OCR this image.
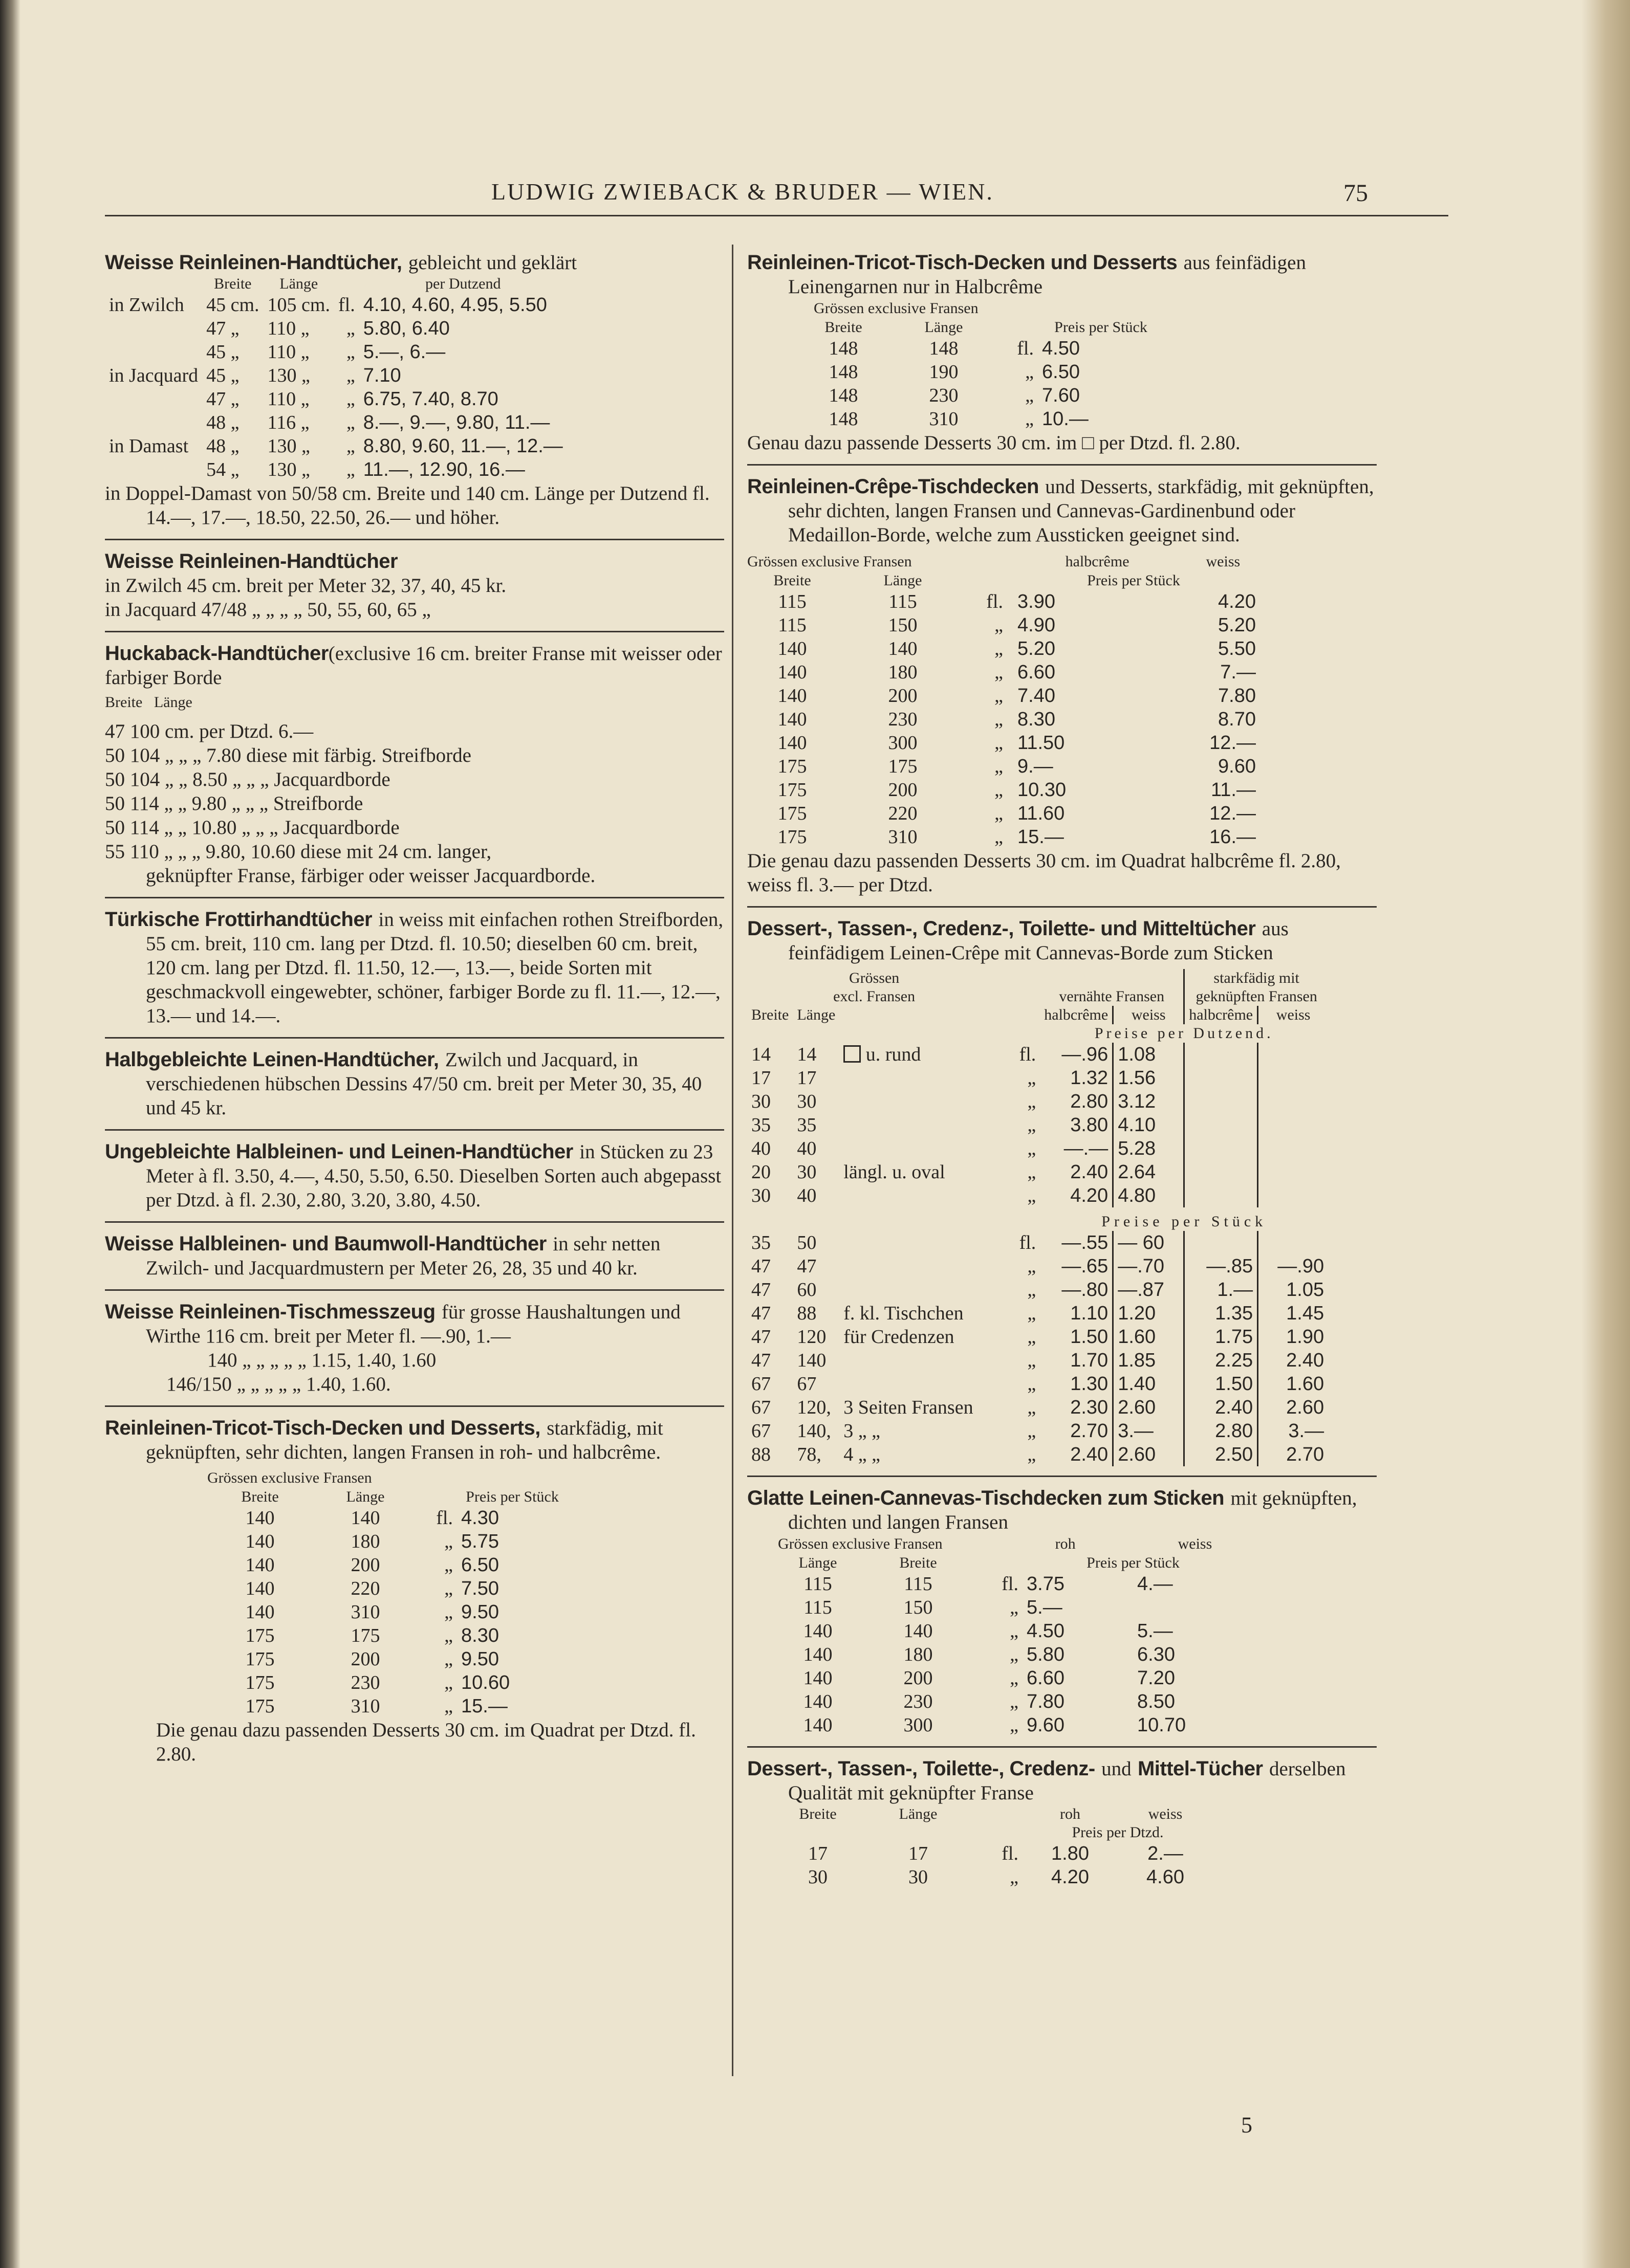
LUDWIG ZWIEBACK & BRUDER — WIEN.	75
Weisse Reinleinen-Handtücher, gebleicht und geklärt
	Breite	Länge		per Dutzend
in Zwilch	45 cm.	105 cm.	fl.	4.10, 4.60, 4.95, 5.50
	47 „	110 „	„	5.80, 6.40
	45 „	110 „	„	5.—, 6.—
in Jacquard	45 „	130 „	„	7.10
	47 „	110 „	„	6.75, 7.40, 8.70
	48 „	116 „	„	8.—, 9.—, 9.80, 11.—
in Damast	48 „	130 „	„	8.80, 9.60, 11.—, 12.—
	54 „	130 „	„	11.—, 12.90, 16.—
in Doppel-Damast von 50/58 cm. Breite und 140 cm. Länge per Dutzend fl. 14.—, 17.—, 18.50, 22.50, 26.— und höher.
Weisse Reinleinen-Handtücher
in Zwilch 45 cm. breit per Meter 32, 37, 40, 45 kr.
in Jacquard 47/48 „ „ „ „ 50, 55, 60, 65 „
Huckaback-Handtücher(exclusive 16 cm. breiter Franse mit weisser oder farbiger Borde
Breite Länge
47 100 cm. per Dtzd. 6.—
50 104 „ „ „ 7.80 diese mit färbig. Streifborde
50 104 „ „ 8.50 „ „ „ Jacquardborde
50 114 „ „ 9.80 „ „ „ Streifborde
50 114 „ „ 10.80 „ „ „ Jacquardborde
55 110 „ „ „ 9.80, 10.60 diese mit 24 cm. langer,
geknüpfter Franse, färbiger oder weisser Jacquardborde.
Türkische Frottirhandtücher in weiss mit einfachen rothen Streifborden, 55 cm. breit, 110 cm. lang per Dtzd. fl. 10.50; dieselben 60 cm. breit, 120 cm. lang per Dtzd. fl. 11.50, 12.—, 13.—, beide Sorten mit geschmackvoll eingewebter, schöner, farbiger Borde zu fl. 11.—, 12.—, 13.— und 14.—.
Halbgebleichte Leinen-Handtücher, Zwilch und Jacquard, in verschiedenen hübschen Dessins 47/50 cm. breit per Meter 30, 35, 40 und 45 kr.
Ungebleichte Halbleinen- und Leinen-Handtücher in Stücken zu 23 Meter à fl. 3.50, 4.—, 4.50, 5.50, 6.50. Dieselben Sorten auch abgepasst per Dtzd. à fl. 2.30, 2.80, 3.20, 3.80, 4.50.
Weisse Halbleinen- und Baumwoll-Handtücher in sehr netten Zwilch- und Jacquardmustern per Meter 26, 28, 35 und 40 kr.
Weisse Reinleinen-Tischmesszeug für grosse Haushaltungen und Wirthe 116 cm. breit per Meter fl. —.90, 1.—
140 „ „ „ „ „ 1.15, 1.40, 1.60
146/150 „ „ „ „ „ 1.40, 1.60.
Reinleinen-Tricot-Tisch-Decken und Desserts, starkfädig, mit geknüpften, sehr dichten, langen Fransen in roh- und halbcrême.
Grössen exclusive Fransen
Breite	Länge		Preis per Stück
140	140	fl.	4.30
140	180	„	5.75
140	200	„	6.50
140	220	„	7.50
140	310	„	9.50
175	175	„	8.30
175	200	„	9.50
175	230	„	10.60
175	310	„	15.—
Die genau dazu passenden Desserts 30 cm. im Quadrat per Dtzd. fl. 2.80.
Reinleinen-Tricot-Tisch-Decken und Desserts aus feinfädigen Leinengarnen nur in Halbcrême
Grössen exclusive Fransen
Breite	Länge		Preis per Stück
148	148	fl.	4.50
148	190	„	6.50
148	230	„	7.60
148	310	„	10.—
Genau dazu passende Desserts 30 cm. im □ per Dtzd. fl. 2.80.
Reinleinen-Crêpe-Tischdecken und Desserts, starkfädig, mit geknüpften, sehr dichten, langen Fransen und Cannevas-Gardinenbund oder Medaillon-Borde, welche zum Aussticken geeignet sind.
Grössen exclusive Fransen	halbcrême	weiss
Breite	Länge		Preis per Stück	
115	115	fl.	3.90	4.20
115	150	„	4.90	5.20
140	140	„	5.20	5.50
140	180	„	6.60	7.—
140	200	„	7.40	7.80
140	230	„	8.30	8.70
140	300	„	11.50	12.—
175	175	„	9.—	9.60
175	200	„	10.30	11.—
175	220	„	11.60	12.—
175	310	„	15.—	16.—
Die genau dazu passenden Desserts 30 cm. im Quadrat halbcrême fl. 2.80, weiss fl. 3.— per Dtzd.
Dessert-, Tassen-, Credenz-, Toilette- und Mitteltücher aus feinfädigem Leinen-Crêpe mit Cannevas-Borde zum Sticken
Grössen						starkfädig mit	
excl. Fransen				vernähte Fransen		geknüpften Fransen	
Breite	Länge			halbcrême	weiss	halbcrême	weiss
				Preise per Dutzend.			
14	14	u. rund	fl.	—.96	1.08		
17	17		„	1.32	1.56		
30	30		„	2.80	3.12		
35	35		„	3.80	4.10		
40	40		„	—.—	5.28		
20	30	längl. u. oval	„	2.40	2.64		
30	40		„	4.20	4.80		
				Preise per Stück			
35	50		fl.	—.55	— 60		
47	47		„	—.65	—.70	—.85	—.90
47	60		„	—.80	—.87	1.—	1.05
47	88	f. kl. Tischchen	„	1.10	1.20	1.35	1.45
47	120	für Credenzen	„	1.50	1.60	1.75	1.90
47	140		„	1.70	1.85	2.25	2.40
67	67		„	1.30	1.40	1.50	1.60
67	120,	3 Seiten Fransen	„	2.30	2.60	2.40	2.60
67	140,	3 „ „	„	2.70	3.—	2.80	3.—
88	78,	4 „ „	„	2.40	2.60	2.50	2.70
Glatte Leinen-Cannevas-Tischdecken zum Sticken mit geknüpften, dichten und langen Fransen
Grössen exclusive Fransen	roh	weiss
Länge	Breite		Preis per Stück	
115	115	fl.	3.75	4.—
115	150	„	5.—	
140	140	„	4.50	5.—
140	180	„	5.80	6.30
140	200	„	6.60	7.20
140	230	„	7.80	8.50
140	300	„	9.60	10.70
Dessert-, Tassen-, Toilette-, Credenz- und Mittel-Tücher derselben Qualität mit geknüpfter Franse
Breite	Länge		roh	weiss
			Preis per Dtzd.	
17	17	fl.	1.80	2.—
30	30	„	4.20	4.60
5
